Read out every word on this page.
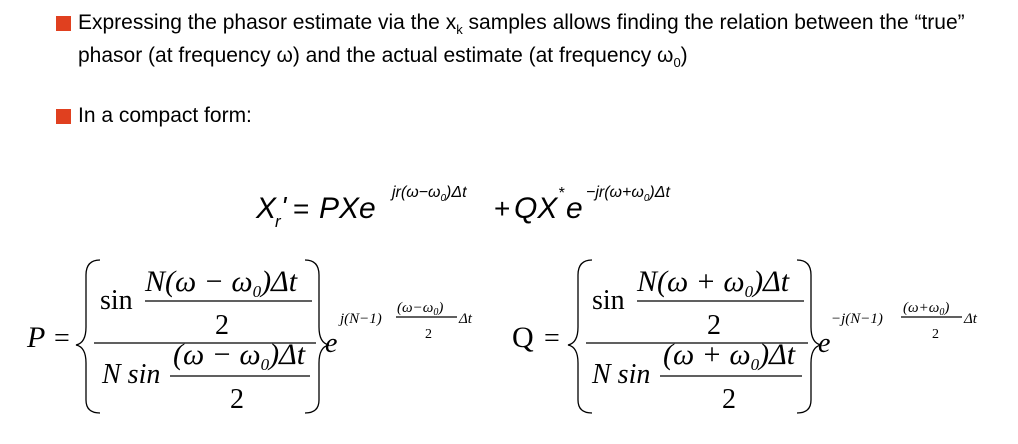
Expressing the phasor estimate via the $x_k$ samples allows finding the relation between the “true” phasor (at frequency ω) and the actual estimate (at frequency $\omega_0$)
In a compact form:
X
r ' = PXe $jr(\omega-\omega_0)\Delta t$
+ QX * $e -jr(\omega+\omega_0)\Delta t$
P =
sin
$N(\omega - \omega_0)\Delta t$
2
N sin
$(\omega - \omega_0)\Delta t$
2
e
j(N−1)
$(\omega-\omega_0)$
2
Δt
Q =
sin
$N(\omega + \omega_0)\Delta t$
2
N sin
$(\omega + \omega_0)\Delta t$
2
e
−j(N−1)
$(\omega+\omega_0)$
2
Δt
